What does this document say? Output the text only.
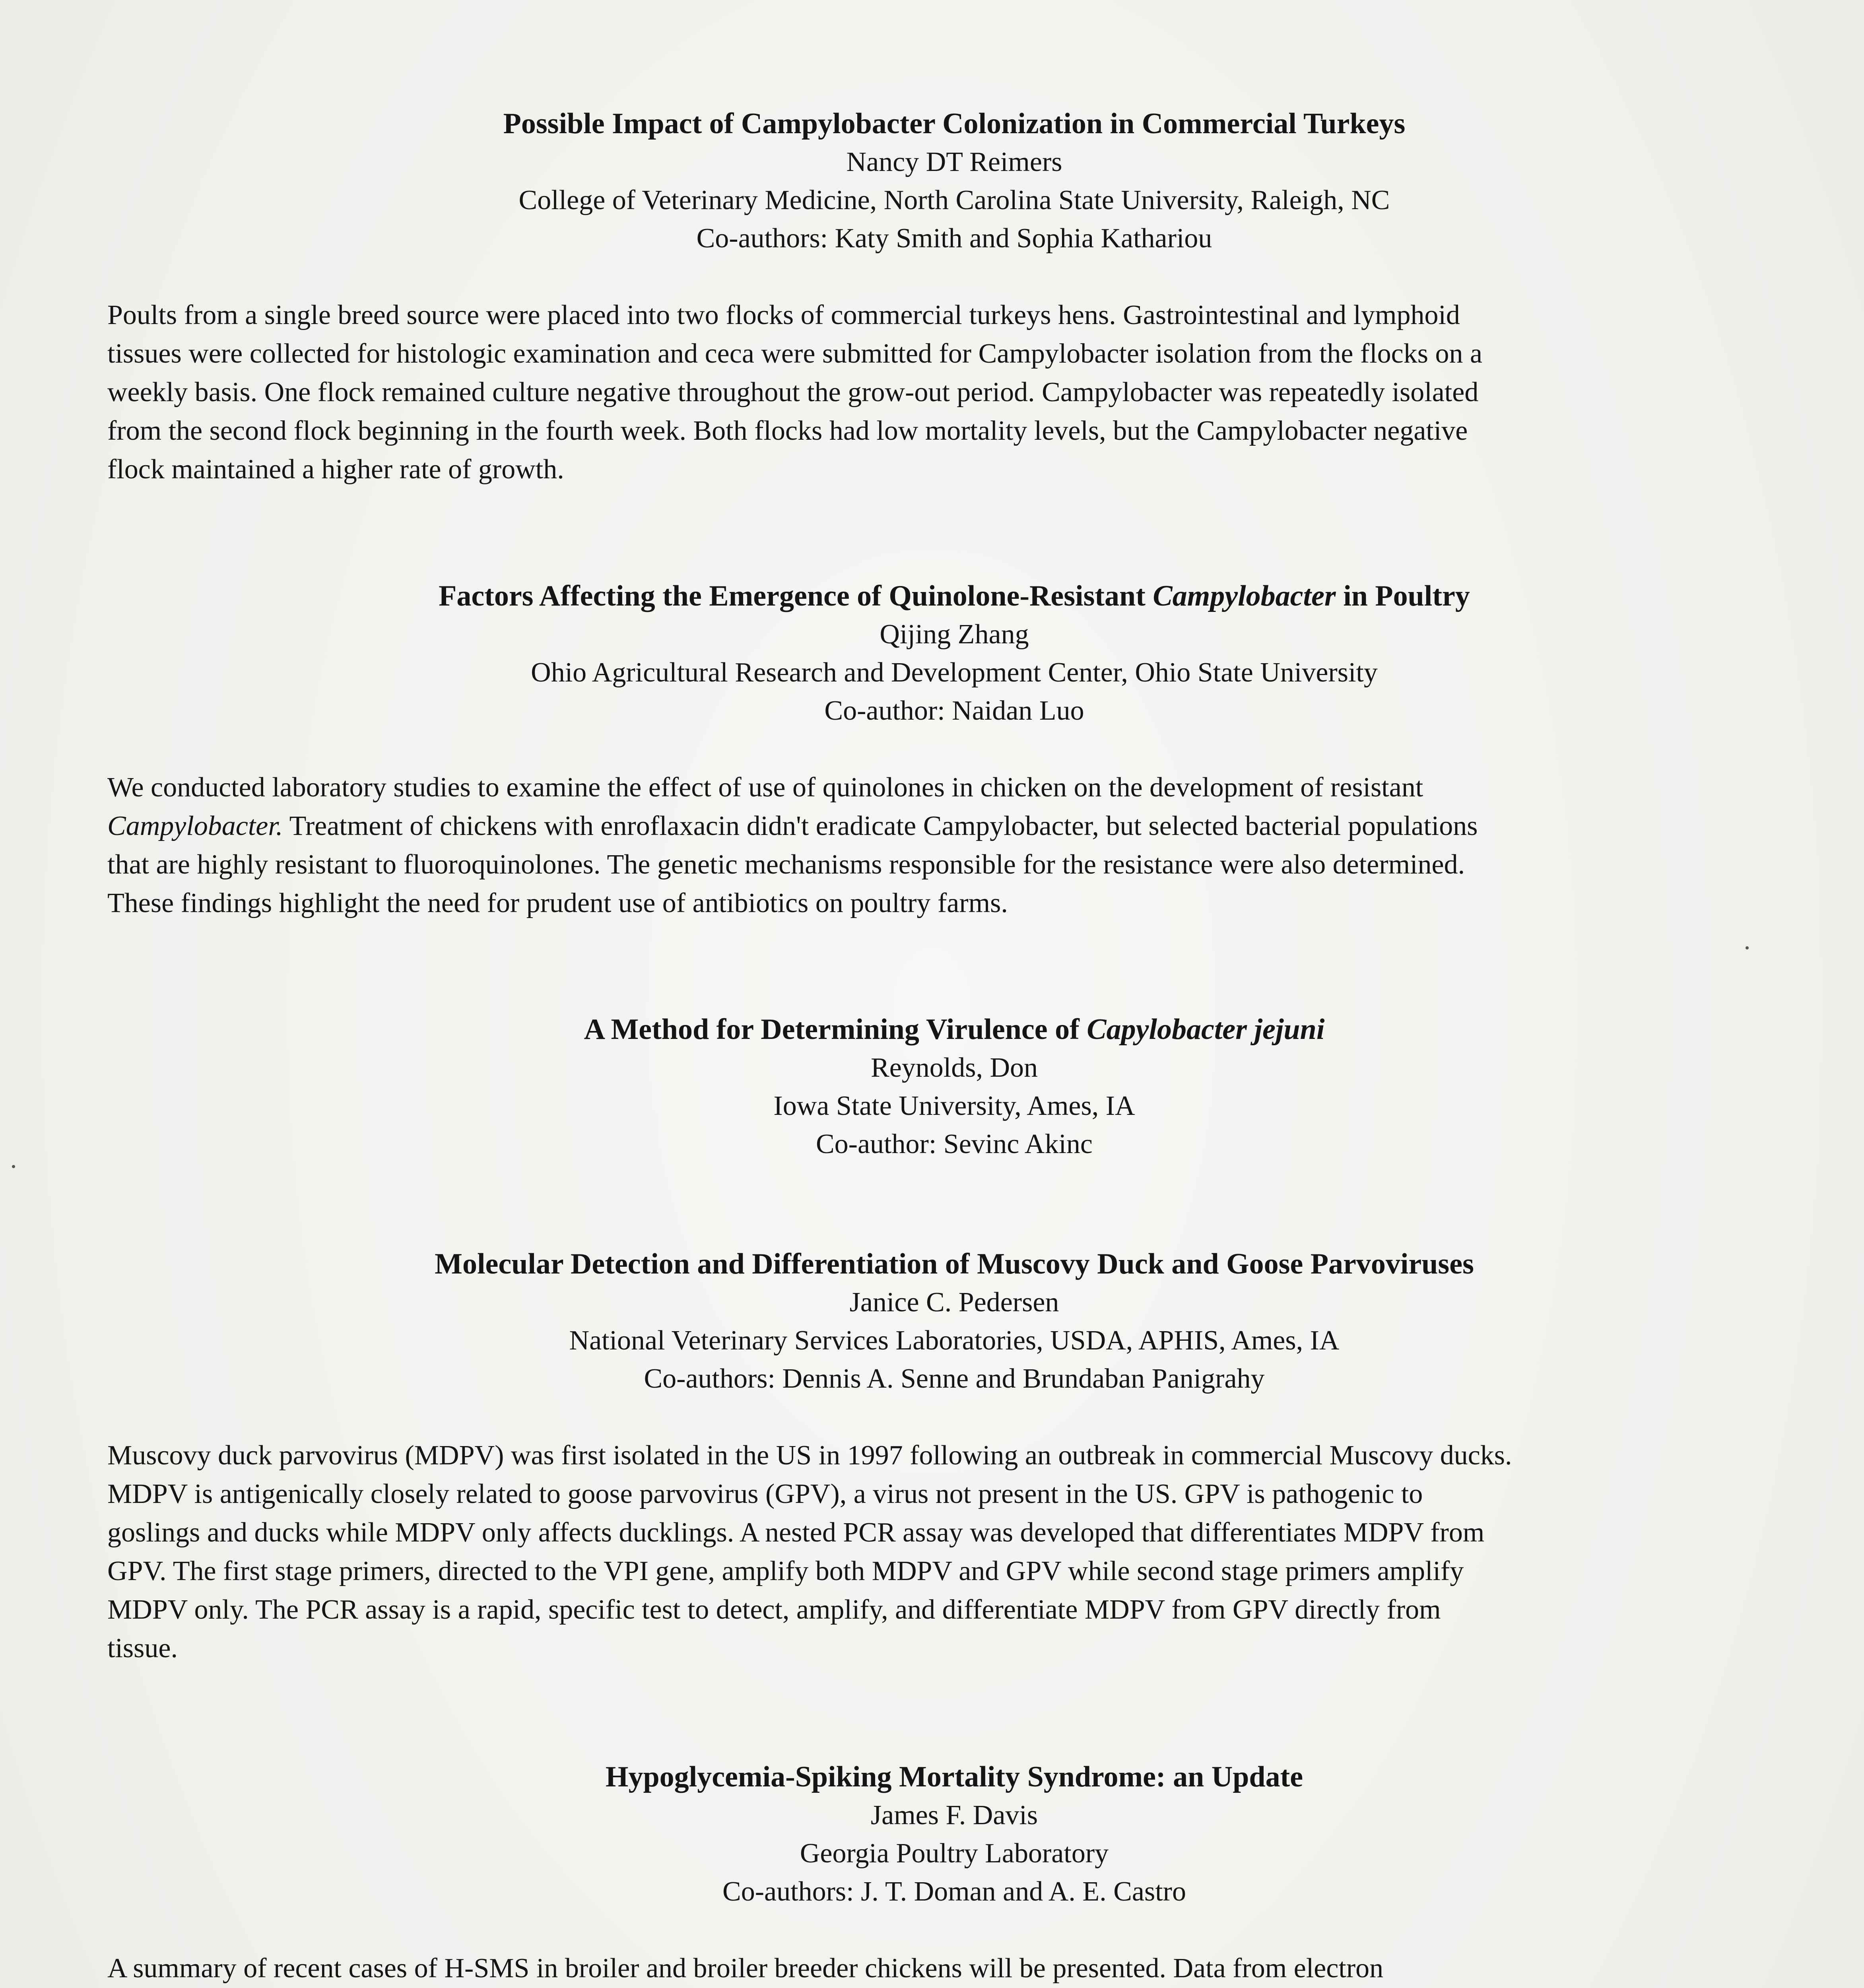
Possible Impact of Campylobacter Colonization in Commercial Turkeys

Nancy DT Reimers

College of Veterinary Medicine, North Carolina State University, Raleigh, NC

Co-authors: Katy Smith and Sophia Kathariou

Poults from a single breed source were placed into two flocks of commercial turkeys hens. Gastrointestinal and lymphoid

tissues were collected for histologic examination and ceca were submitted for Campylobacter isolation from the flocks on a

weekly basis. One flock remained culture negative throughout the grow-out period. Campylobacter was repeatedly isolated

from the second flock beginning in the fourth week. Both flocks had low mortality levels, but the Campylobacter negative

flock maintained a higher rate of growth.

Factors Affecting the Emergence of Quinolone-Resistant Campylobacter in Poultry

Qijing Zhang

Ohio Agricultural Research and Development Center, Ohio State University

Co-author: Naidan Luo

We conducted laboratory studies to examine the effect of use of quinolones in chicken on the development of resistant

Campylobacter. Treatment of chickens with enroflaxacin didn't eradicate Campylobacter, but selected bacterial populations

that are highly resistant to fluoroquinolones. The genetic mechanisms responsible for the resistance were also determined.

These findings highlight the need for prudent use of antibiotics on poultry farms.

A Method for Determining Virulence of Capylobacter jejuni

Reynolds, Don

Iowa State University, Ames, IA

Co-author: Sevinc Akinc

Molecular Detection and Differentiation of Muscovy Duck and Goose Parvoviruses

Janice C. Pedersen

National Veterinary Services Laboratories, USDA, APHIS, Ames, IA

Co-authors: Dennis A. Senne and Brundaban Panigrahy

Muscovy duck parvovirus (MDPV) was first isolated in the US in 1997 following an outbreak in commercial Muscovy ducks.

MDPV is antigenically closely related to goose parvovirus (GPV), a virus not present in the US. GPV is pathogenic to

goslings and ducks while MDPV only affects ducklings. A nested PCR assay was developed that differentiates MDPV from

GPV. The first stage primers, directed to the VPI gene, amplify both MDPV and GPV while second stage primers amplify

MDPV only. The PCR assay is a rapid, specific test to detect, amplify, and differentiate MDPV from GPV directly from

tissue.

Hypoglycemia-Spiking Mortality Syndrome: an Update

James F. Davis

Georgia Poultry Laboratory

Co-authors: J. T. Doman and A. E. Castro

A summary of recent cases of H-SMS in broiler and broiler breeder chickens will be presented. Data from electron
